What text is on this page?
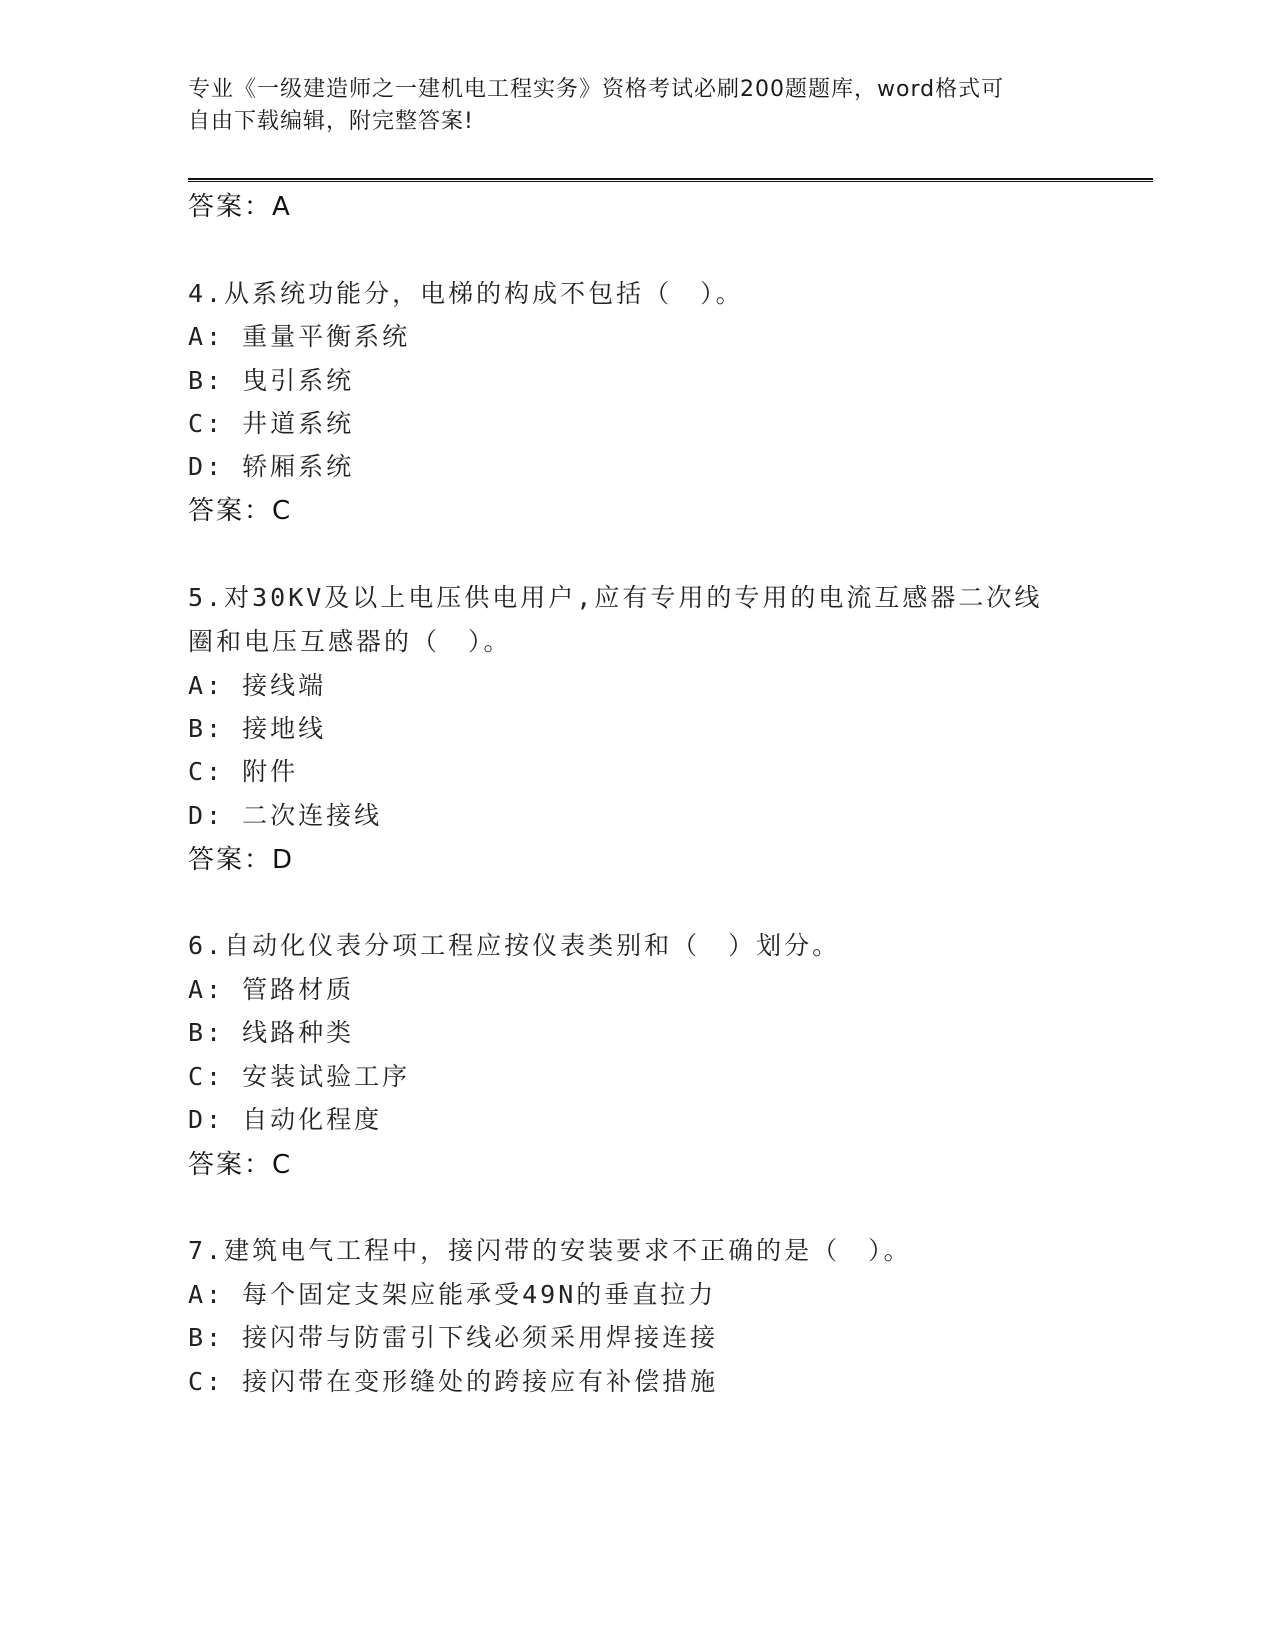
专业《一级建造师之一建机电工程实务》资格考试必刷200题题库，word格式可
自由下载编辑，附完整答案!
答案：A
4.从系统功能分，电梯的构成不包括（　）。
A: 重量平衡系统
B: 曳引系统
C: 井道系统
D: 轿厢系统
答案：C
5.对30KV及以上电压供电用户,应有专用的专用的电流互感器二次线
圈和电压互感器的（　）。
A: 接线端
B: 接地线
C: 附件
D: 二次连接线
答案：D
6.自动化仪表分项工程应按仪表类别和（　）划分。
A: 管路材质
B: 线路种类
C: 安装试验工序
D: 自动化程度
答案：C
7.建筑电气工程中，接闪带的安装要求不正确的是（　）。
A: 每个固定支架应能承受49N的垂直拉力
B: 接闪带与防雷引下线必须采用焊接连接
C: 接闪带在变形缝处的跨接应有补偿措施
